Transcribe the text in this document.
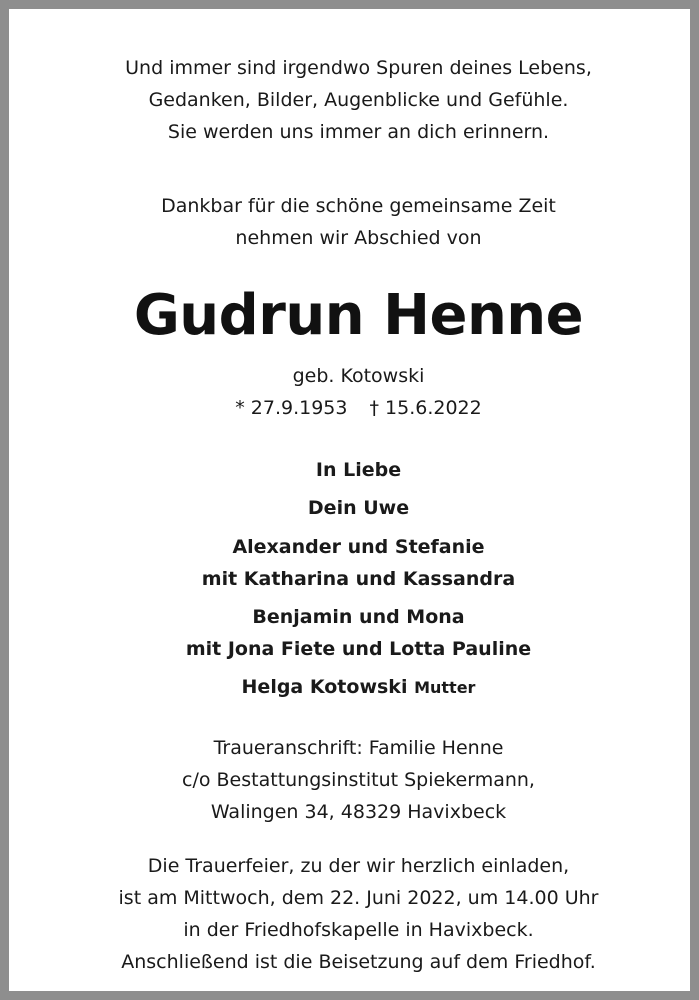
Und immer sind irgendwo Spuren deines Lebens,
Gedanken, Bilder, Augenblicke und Gefühle.
Sie werden uns immer an dich erinnern.
Dankbar für die schöne gemeinsame Zeit
nehmen wir Abschied von
Gudrun Henne
geb. Kotowski
* 27.9.1953 † 15.6.2022
In Liebe
Dein Uwe
Alexander und Stefanie
mit Katharina und Kassandra
Benjamin und Mona
mit Jona Fiete und Lotta Pauline
Helga Kotowski Mutter
Traueranschrift: Familie Henne
c/o Bestattungsinstitut Spiekermann,
Walingen 34, 48329 Havixbeck
Die Trauerfeier, zu der wir herzlich einladen,
ist am Mittwoch, dem 22. Juni 2022, um 14.00 Uhr
in der Friedhofskapelle in Havixbeck.
Anschließend ist die Beisetzung auf dem Friedhof.
